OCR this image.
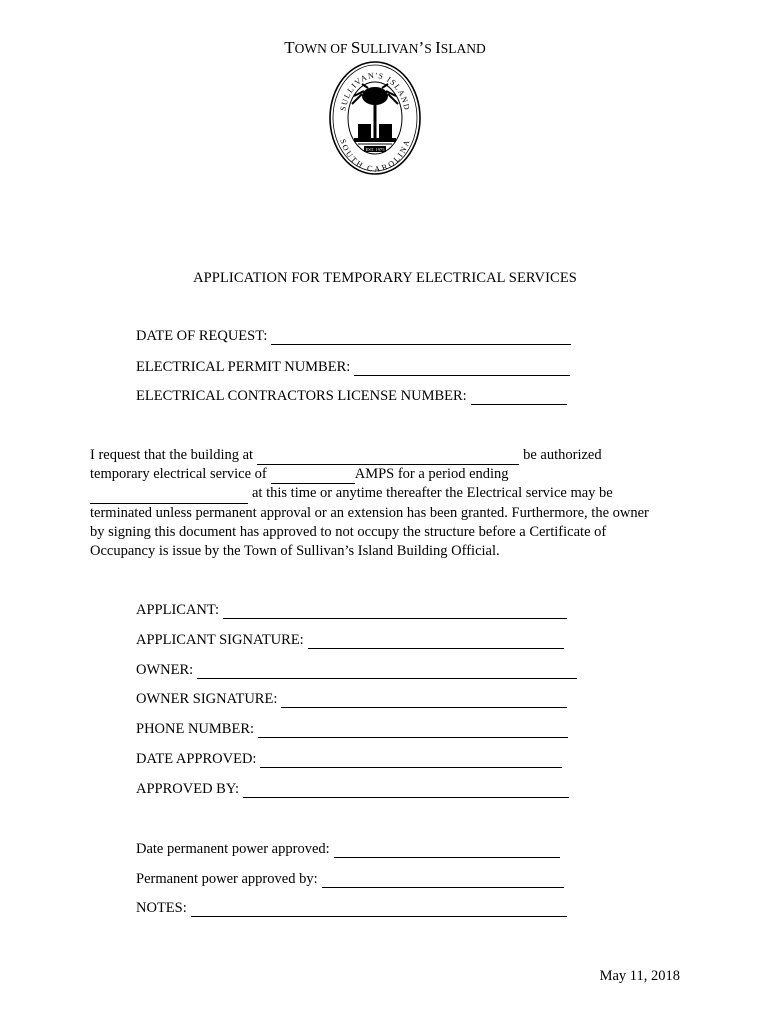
TOWN OF SULLIVAN’S ISLAND
SULLIVAN'S ISLAND
SOUTH CAROLINA
EST. 1975
APPLICATION FOR TEMPORARY ELECTRICAL SERVICES
DATE OF REQUEST:
ELECTRICAL PERMIT NUMBER:
ELECTRICAL CONTRACTORS LICENSE NUMBER:
I request that the building at	be authorized
temporary electrical service of	AMPS for a period ending
at this time or anytime thereafter the Electrical service may be
terminated unless permanent approval or an extension has been granted. Furthermore, the owner
by signing this document has approved to not occupy the structure before a Certificate of
Occupancy is issue by the Town of Sullivan’s Island Building Official.
APPLICANT:
APPLICANT SIGNATURE:
OWNER:
OWNER SIGNATURE:
PHONE NUMBER:
DATE APPROVED:
APPROVED BY:
Date permanent power approved:
Permanent power approved by:
NOTES:
May 11, 2018
